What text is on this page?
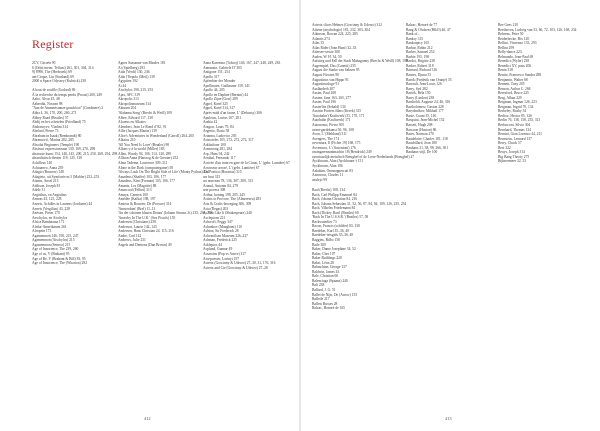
Register
2CV, Citroën 90
6 (Orbit meter, Telfoni) 261, 301, 304, 314
9) 8990, The (Herbroek) 69
am Cirque, Lin (Sturland) 69
2000 n Space Odyssey (Kubrick) 238
A bout de souffle (Godard) 69
À la recherche du temps perdu (Proust) 200, 249
Aalto, Alvar 45, 48
Aaberdüt, Nosean 98
"Aan de Ammertstanze graafsloot" (Goedmere) 2
Abba 4, 36, 170, 200, 260–271
Abbey Road (Beatles) 57
Abdij en het schetelen (Friedland) 75
Abdrasoyev, Vladim 314
Abelard, Pierre 73
Abraham in Isaak (Rembrandt) 80
Abramović, Marina 282–285
Absolut Beginners (Temple) 190
Abstract expressionisme 130, 169, 270, 298
abstracte kunst 154, 140–145, 200, 215, 250, 268, 294, 298
absurdistisch theater 119, 125, 138
Achilleus 140
Achtaanvo, Anna 239
Adagio (Brunow) 148
Adagieto, uit Symfonie nr.5 (Mahler) 252–253
Adams, Ansel 213
Addison, Joseph 81
Adele 31
Aegisthus, en Aegisthus
Aeneas 43, 125, 228
Aeneis, Achilles in Laurens (Jordaens) 44
Aeneis (Vergilius) 43, 228
Aertsen, Pieter 170
Aeschylos, en Aischylos
Africa Bambaataa 171
Afrika-Amerikanen 261
Afropeïn 173
Agamemnon 146, 190, 215, 247
Agamemnon (Aischylos) 215
Agamemnon (Seneca) 215
Age of Innocence, The 239, 260
Age of us, V (Brabant) 95
Age of Ré, V (Brabant & Bill) 83, 95
Age of Innocence, The (Wharton) 292
Agnes Sussanne van Rhodes 181
Ai (Spielberg) 293
Aida (Verdi) 130, 246
Aida (Tiepolo (Met)) 139
Ägyptien 192
Ai 44
Aischylos 190–215, 253
Ajax, AFC 319
Akropolis 313
Akropolismuseum 314
Aktuum 204
'Alabama Song' (Brecht & Weill) 109
Albee, Edward 117, 138
Alcaeus en Alkaios
Alembert, Jean Le Rond d' 82, 91
Alfie (Jacques Martin) 139
Alice's Adventures in Wonderland (Carroll) 264–265
Alkaios 210
'All You Need Is Love' (Beatles) 98
Allons-y à la world (Miller) 183
Allen, Woody 94, 106, 114, 120, 289
Allison Anna (Hartzog & de Greuter) 252
Alma Tadema, Lawrence 309–311
Alone in the Dark (computergame) 58
'Always Look On The Bright Side of Life' (Monty Python) 254
Amadeus (Shaffer) 103, 106, 177
Amadeus, Kim (Forman) 103, 106, 177
Amants, Les (Magritte) 88
Amarcord (Fellini) 313
Amaya, Carmen 100
Amédée (Kafka) 198, 197
Amieus & Bouvier, De (Prosser) 314
'Amsterdam' (Brel) 11–13
'An der schönen blauen Donau' (Johann Strauss Jr.) 235, 236, 238
'Anarchy In The U.K.' (Sex Pistols) 155
Andersen (Christians) 258
Anderson, Laurie 142–143
Andersen, Hans Christian 24, 115–116
Andre, Carl 142
Andrews, Julie 231
Angels and Demons (Dan Brown) 49
Anna Karenina (Tolstoj) 146, 167, 247, 248, 249, 263
Annunzio, Gabriele D' 305
Antigone 151, 254
Apollo 317
Apfenbier der Monder
Apollinaire, Guillaume 139, 141
Apollo 44, 205
Apollo en Daphne (Bernini) 44
Apollo Zijne (Gort) 289
Appel, Karel 325
Appel, Karel 314, 317
Après-midi d'un faune, L' (Debussy) 306
Apuleius, Lucius 107, 201
Arabia 42
Aragon, Louis 79, 84
Argento, Dario 58
Arianna, Ludovico 205
Aristoteles 105, 272, 272, 272, 317
Arkhaifone 100
Armstrong 281, 284
Arp, Hans 94, 242
Arrabal, Fernando 117
Arrivée d'un train en gare de la Ciotat, L' (gebr. Lumière) 67
Arrosseur arrosé, L' (gebr. Lumière) 67
Ars Poetica (Horatius) 315
ars brut 315
art nouveau 78, 136, 307–309, 313
Artaud, Antonin 84, 279
arte povera 308
Arthur, koning 198, 205, 245
Artists to Provore, The (Almereseu) 283
Arts & Crafts-beweging 306, 309
Asia (Degas) 203
As You Like It (Shakespeare) 240
Asclepions 221
Ashcroft, Peggy 347
Ashonkov (Maugham) 110
Ashton, Sir Frederick 28
Ashvanilcan Museum 226–227
Ashman, Frederick 225
Asklepios 44
Asplund, Gunnar 49
Assassins (Pop vs Aasve) 317
Assepoester, Lorinyt 197
Asterix (Goscinny & Uderzo) 27–30, 31, 176, 316
Asterix and Cie (Goscinny & Uderzo) 27–28
412
Asterix slices Helmes (Goscinny & Uderzo) 312
Athene (mythologie) 181, 232, 303–304
Atkinson, Rowan 224, 225, 285
Atlantis 274
Atlas 35
Atlas Rider (Joan Hunt) 32–33
Attersee-sessie 300
Auden, W. H. 34, 50
Aufstieg und Fall der Stadt Mahagonny (Brecht & Weill) 108, 109
Augenspiel, Das (Canetti) 235
August die Starke van Saksen 95
August Füssnot 90
Augustinus van Hippo 91
Augustinusloge 91
Ausländerh 207
Auster, Paul 208
Austen, Jane 163–165, 277
Auster, Paul 196
Austerlitz (Sebald) 134
Austrin Pooters films (Kreek) 315
'Autobahn' (Kraftwerk) 55, 170, 171
Autobahn (Kraftwerk) 171
Autonomo, Pietro 305
avant-gardekunst 30, 96, 108
Avon, L' (Mehlund) 311
Avengers, The 174
avventura, Il (Fichte 19) 168, 175
Avventura, L' (Antonioni) 176
awangarenzanimachin 18 (Hendrick) 249
avontuurlijk metafisch Breughel of de Lorre-Nederlands (Breughel) 27
Ayckbourn, Alan (Ayckbourn-) 151
Ayckbourn, Alan 106
Azkaban, Ontsnappen uit 83
Aznavour, Charles 11
azulejo 99
Baal (Brecht) 108, 134
Bach, Carl Philipp Emanuel 84
Bach, Johann Christian 84, 216
Bach, Johann Sebastian 31, 52, 56, 87, 84, 94, 109, 126, 235, 254
Bach, Vilhelm Friedemann 84
Bach (Dickey Bawl (Beatles) 60
'Back In The U.S.S.R.' (Beatles) 57, 58
Backwaterlier 73
Bacon, Francis (schilder) 83, 130
Baedeker, Karl 35–36, 40
Baedeker-reisgids 35–36, 40
Baggins, Bilbo 158
Baile 300
Baker, Dame Josephine 34, 52
Baker, Chet 107
Baker Buildings 220
Bakst, Léon 28
Balanchine, George 137
Baldwin, James 43
Bale, Christian 60
Balenciaga (Spaans) 240
Bali 238
Ballard, J. G. 51
Ballet de Nijn, De (Arrow) 155
Balletle 217
Ballets Russes 28
Balzac, Honoré de 165
Balzac, Honoré de 77
Bang & Olufsen (B&O) 46, 47
Bank of...
Banksy 315
Bankruptcy 165
Barbar, Robin 212
Barber, Samuel 252
Barbie 195, 198
Bardot, Brigitte 238
Barker, Robert 318
Barnard, Richard 316
Barnes, Djuna 53
Barok (Frederik van Oranje) 35
Barrault, Jean-Louis 126
Barry, Syd 282
Bartók, Béla 150
Barry (Lindon) 238
Bartholdi, Auguste 24, 46, 316
Bartholomew, Gaston 228
Baryshnikov, Mikhail 177
Basie, Count 35, 146
Basquiat, Jean-Michel 152
Bassett, Hugh 208
Bassoon (Huston) 86
Bates, Norman 270
Baudelaire, Charles 101, 118
Baudrillard, Jean 180
Bauhaus 31, 38, 98, 266, 301
Bauhaus-stijl, De 100
Bee Gees 210
Beethoven, Ludwig van 53, 66, 72, 103, 126, 168, 234
Behrens, Peter 50
Beiderbecke, Bix 120
Bellini, Vincenzo 133, 293
Bellini 299
Belly-dance 223
Belmondo, Jean-Paul 69
Benedict (Wyler) 238
Benedict XV, paus 206
Benin 318
Benito, Francesco Sandra 288
Benjamin, Walter 68
Bennett, Tony 205
Benson, Arthur C. 268
Beresford, Bruce 225
Berg, Alban 229
Bergman, Ingmar 126, 223
Bergman, Ingrid 70, 134
Berkeley, Busby 54
Berlioz, Hector 85, 126
Berlin 76, 138, 158, 255, 313
Berlusconi, Silvio 304
Bernhard, Thomas 134
Bernini, Gian Lorenzo 44, 211
Bernstein, Leonard 137
Berry, Chuck 57
Best 322
Beuys, Joseph 314
Big Bang Theory 275
Bijlmermeer 32, 53
413
